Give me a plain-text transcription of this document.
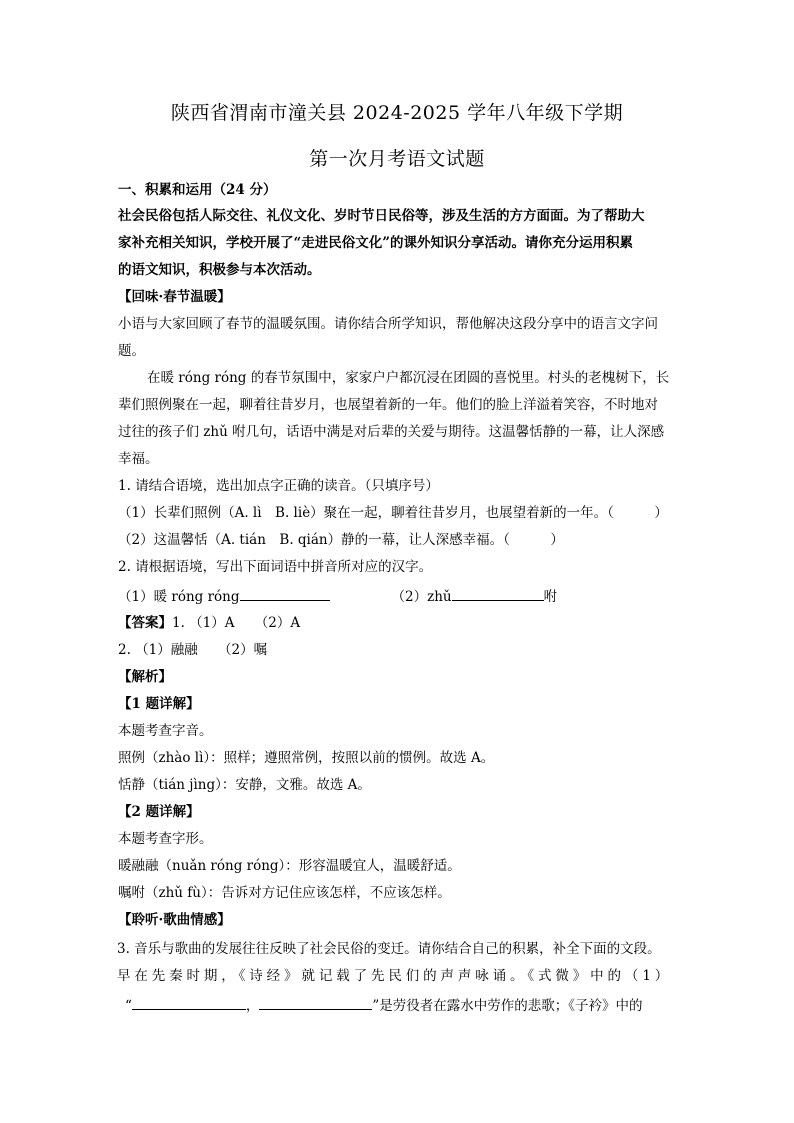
陕西省渭南市潼关县 2024-2025 学年八年级下学期
第一次月考语文试题
一、积累和运用（24 分）
社会民俗包括人际交往、礼仪文化、岁时节日民俗等，涉及生活的方方面面。为了帮助大
家补充相关知识，学校开展了“走进民俗文化”的课外知识分享活动。请你充分运用积累
的语文知识，积极参与本次活动。
【回味·春节温暖】
小语与大家回顾了春节的温暖氛围。请你结合所学知识，帮他解决这段分享中的语言文字问
题。
在暖 róng róng 的春节氛围中，家家户户都沉浸在团圆的喜悦里。村头的老槐树下，长
辈们照例聚在一起，聊着往昔岁月，也展望着新的一年。他们的脸上洋溢着笑容，不时地对
过往的孩子们 zhǔ 咐几句，话语中满是对后辈的关爱与期待。这温馨恬静的一幕，让人深感
幸福。
1. 请结合语境，选出加点字正确的读音。（只填序号）
（1）长辈们照例（A. lì　B. liè）聚在一起，聊着往昔岁月，也展望着新的一年。（　　　）
（2）这温馨恬（A. tián　B. qián）静的一幕，让人深感幸福。（　　　）
2. 请根据语境，写出下面词语中拼音所对应的汉字。
（1）暖 róng róng	（2）zhǔ	咐
【答案】1. （1）A　　（2）A
2. （1）融融　　（2）嘱
【解析】
【1 题详解】
本题考查字音。
照例（zhào lì）：照样；遵照常例，按照以前的惯例。故选 A。
恬静（tián jìng）：安静，文雅。故选 A。
【2 题详解】
本题考查字形。
暖融融（nuǎn róng róng）：形容温暖宜人，温暖舒适。
嘱咐（zhǔ fù）：告诉对方记住应该怎样，不应该怎样。
【聆听·歌曲情感】
3. 音乐与歌曲的发展往往反映了社会民俗的变迁。请你结合自己的积累，补全下面的文段。
早在先秦时期，《诗经》就记载了先民们的声声咏诵。《式微》中的（1）
“	，	”是劳役者在露水中劳作的悲歌；《子衿》中的
